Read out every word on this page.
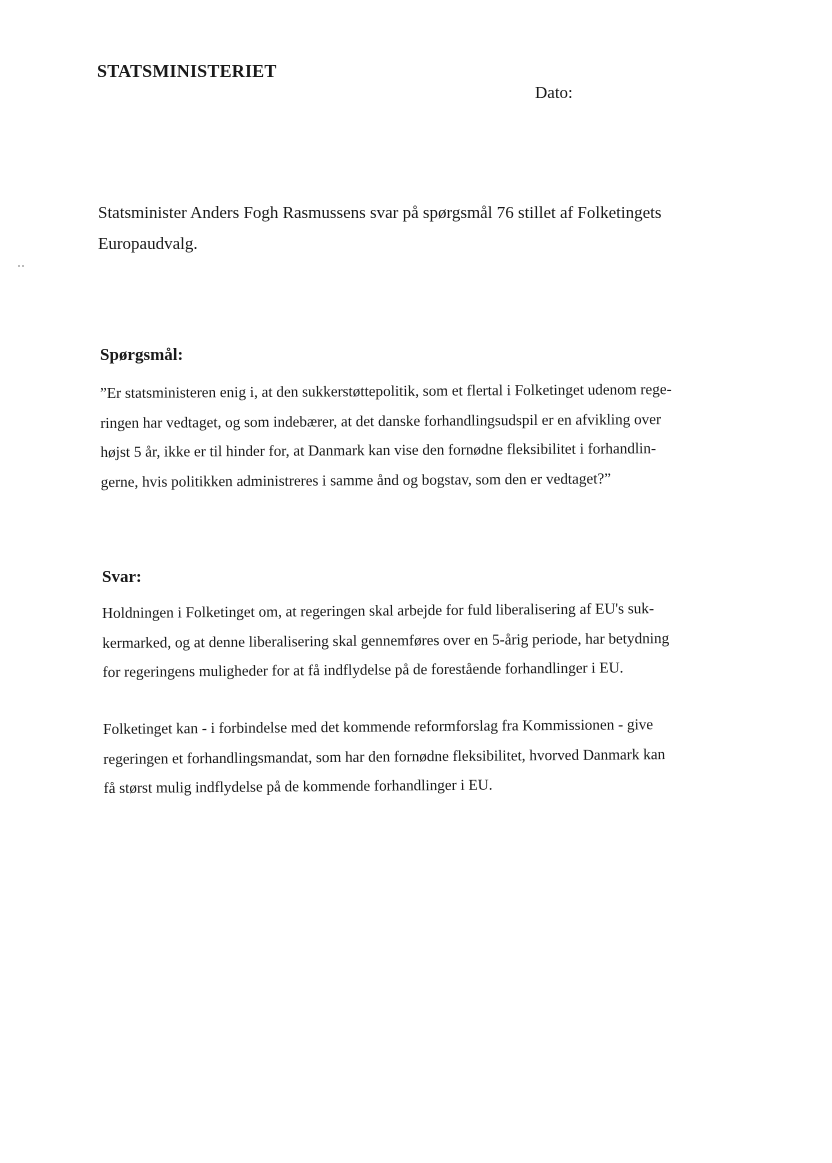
STATSMINISTERIET
Dato:
Statsminister Anders Fogh Rasmussens svar på spørgsmål 76 stillet af Folketingets
Europaudvalg.
Spørgsmål:
”Er statsministeren enig i, at den sukkerstøttepolitik, som et flertal i Folketinget udenom rege-
ringen har vedtaget, og som indebærer, at det danske forhandlingsudspil er en afvikling over
højst 5 år, ikke er til hinder for, at Danmark kan vise den fornødne fleksibilitet i forhandlin-
gerne, hvis politikken administreres i samme ånd og bogstav, som den er vedtaget?”
Svar:
Holdningen i Folketinget om, at regeringen skal arbejde for fuld liberalisering af EU's suk-
kermarked, og at denne liberalisering skal gennemføres over en 5-årig periode, har betydning
for regeringens muligheder for at få indflydelse på de forestående forhandlinger i EU.
Folketinget kan - i forbindelse med det kommende reformforslag fra Kommissionen - give
regeringen et forhandlingsmandat, som har den fornødne fleksibilitet, hvorved Danmark kan
få størst mulig indflydelse på de kommende forhandlinger i EU.
